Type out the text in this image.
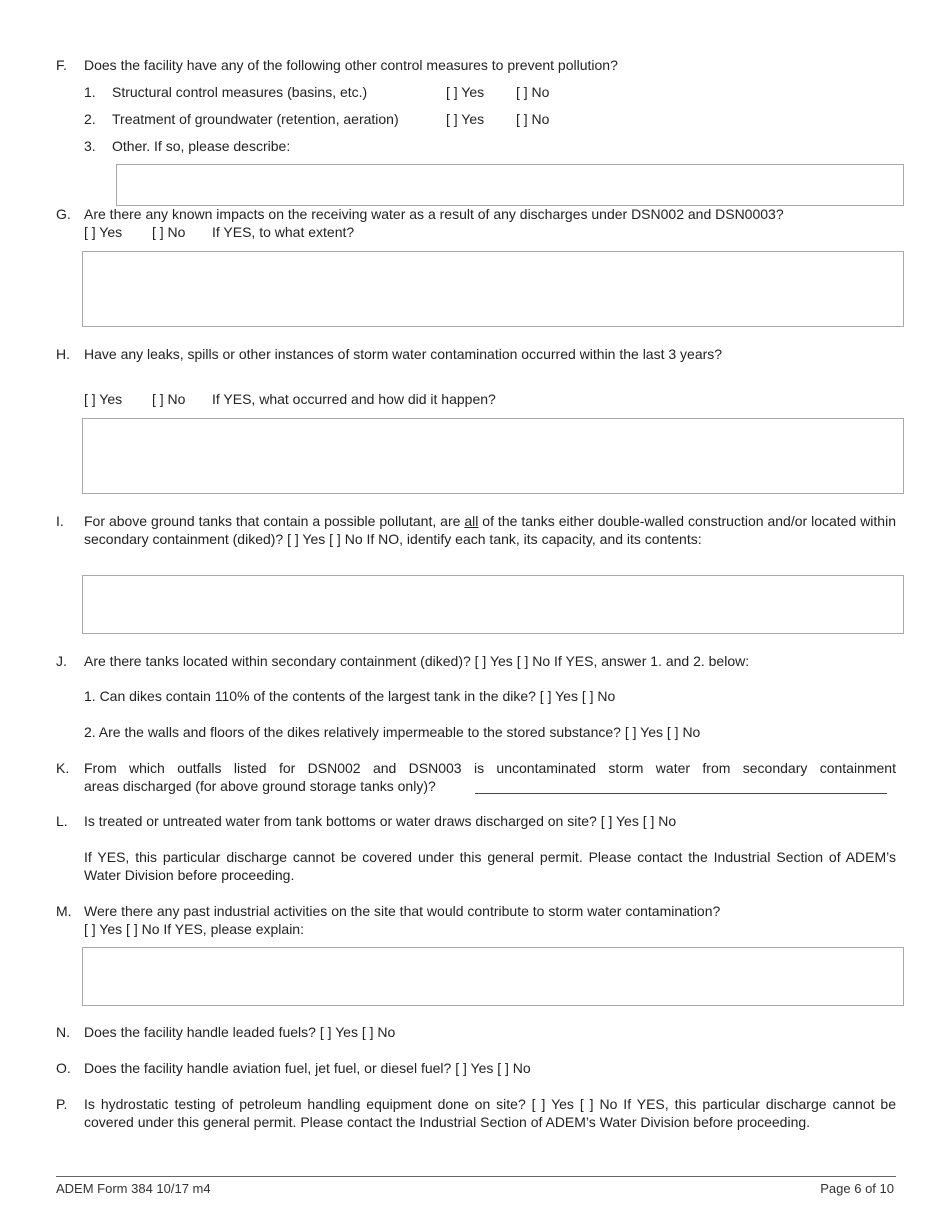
F. Does the facility have any of the following other control measures to prevent pollution?
1. Structural control measures (basins, etc.)	[ ] Yes [ ] No
2. Treatment of groundwater (retention, aeration)	[ ] Yes [ ] No
3. Other. If so, please describe:
G. Are there any known impacts on the receiving water as a result of any discharges under DSN002 and DSN0003?
[ ] Yes [ ] No If YES, to what extent?
H. Have any leaks, spills or other instances of storm water contamination occurred within the last 3 years?
[ ] Yes [ ] No If YES, what occurred and how did it happen?
I. For above ground tanks that contain a possible pollutant, are all of the tanks either double-walled construction and/or located within secondary containment (diked)? [ ] Yes [ ] No If NO, identify each tank, its capacity, and its contents:
J. Are there tanks located within secondary containment (diked)? [ ] Yes [ ] No If YES, answer 1. and 2. below:
1. Can dikes contain 110% of the contents of the largest tank in the dike? [ ] Yes [ ] No
2. Are the walls and floors of the dikes relatively impermeable to the stored substance? [ ] Yes [ ] No
K. From which outfalls listed for DSN002 and DSN003 is uncontaminated storm water from secondary containment
areas discharged (for above ground storage tanks only)?
L. Is treated or untreated water from tank bottoms or water draws discharged on site? [ ] Yes [ ] No
If YES, this particular discharge cannot be covered under this general permit. Please contact the Industrial Section of ADEM’s Water Division before proceeding.
M. Were there any past industrial activities on the site that would contribute to storm water contamination?
[ ] Yes [ ] No If YES, please explain:
N. Does the facility handle leaded fuels? [ ] Yes [ ] No
O. Does the facility handle aviation fuel, jet fuel, or diesel fuel? [ ] Yes [ ] No
P. Is hydrostatic testing of petroleum handling equipment done on site? [ ] Yes [ ] No If YES, this particular discharge cannot be covered under this general permit. Please contact the Industrial Section of ADEM’s Water Division before proceeding.
ADEM Form 384 10/17 m4	Page 6 of 10
